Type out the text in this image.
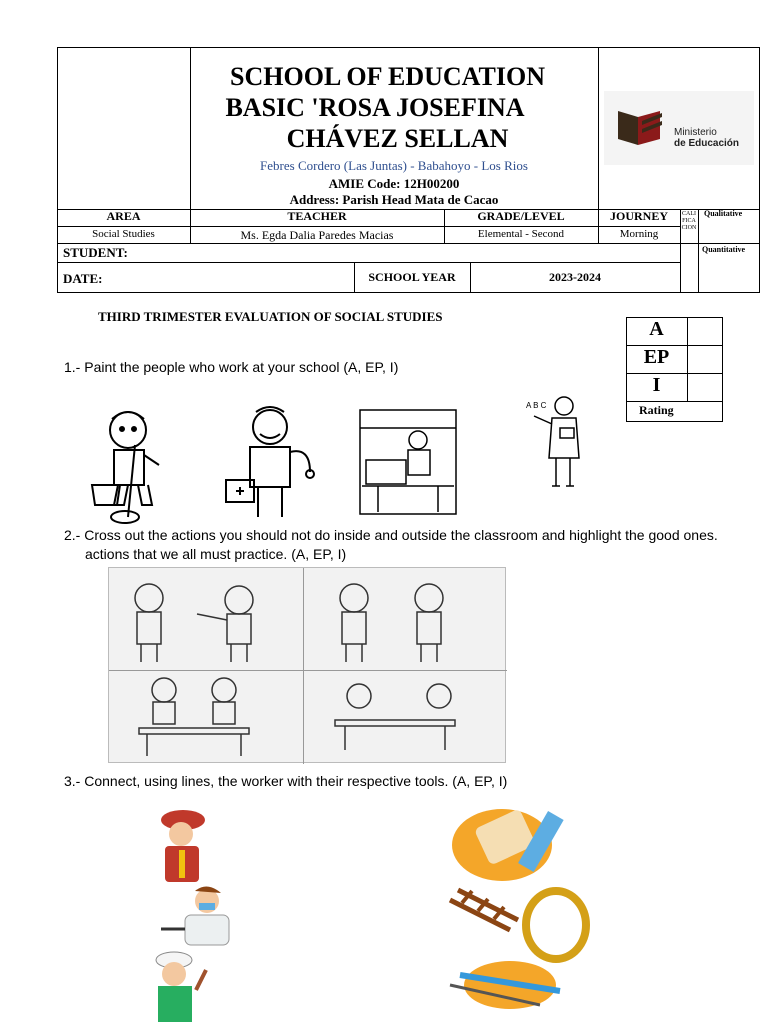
SCHOOL OF EDUCATION
BASIC 'ROSA JOSEFINA
CHÁVEZ SELLAN
Febres Cordero (Las Juntas) - Babahoyo - Los Rios
AMIE Code: 12H00200
Address: Parish Head Mata de Cacao
Ministerio
de Educación
AREA	TEACHER	GRADE/LEVEL	JOURNEY
Social Studies	Ms. Egda Dalia Paredes Macias	Elemental - Second	Morning
STUDENT:
DATE:	SCHOOL YEAR	2023-2024
CALIFICACION
Qualitative
Quantitative
THIRD TRIMESTER EVALUATION OF SOCIAL STUDIES
A
EP
I
Rating
1.- Paint the people who work at your school (A, EP, I)
A B C
2.- Cross out the actions you should not do inside and outside the classroom and highlight the good ones.
actions that we all must practice. (A, EP, I)
3.- Connect, using lines, the worker with their respective tools. (A, EP, I)
